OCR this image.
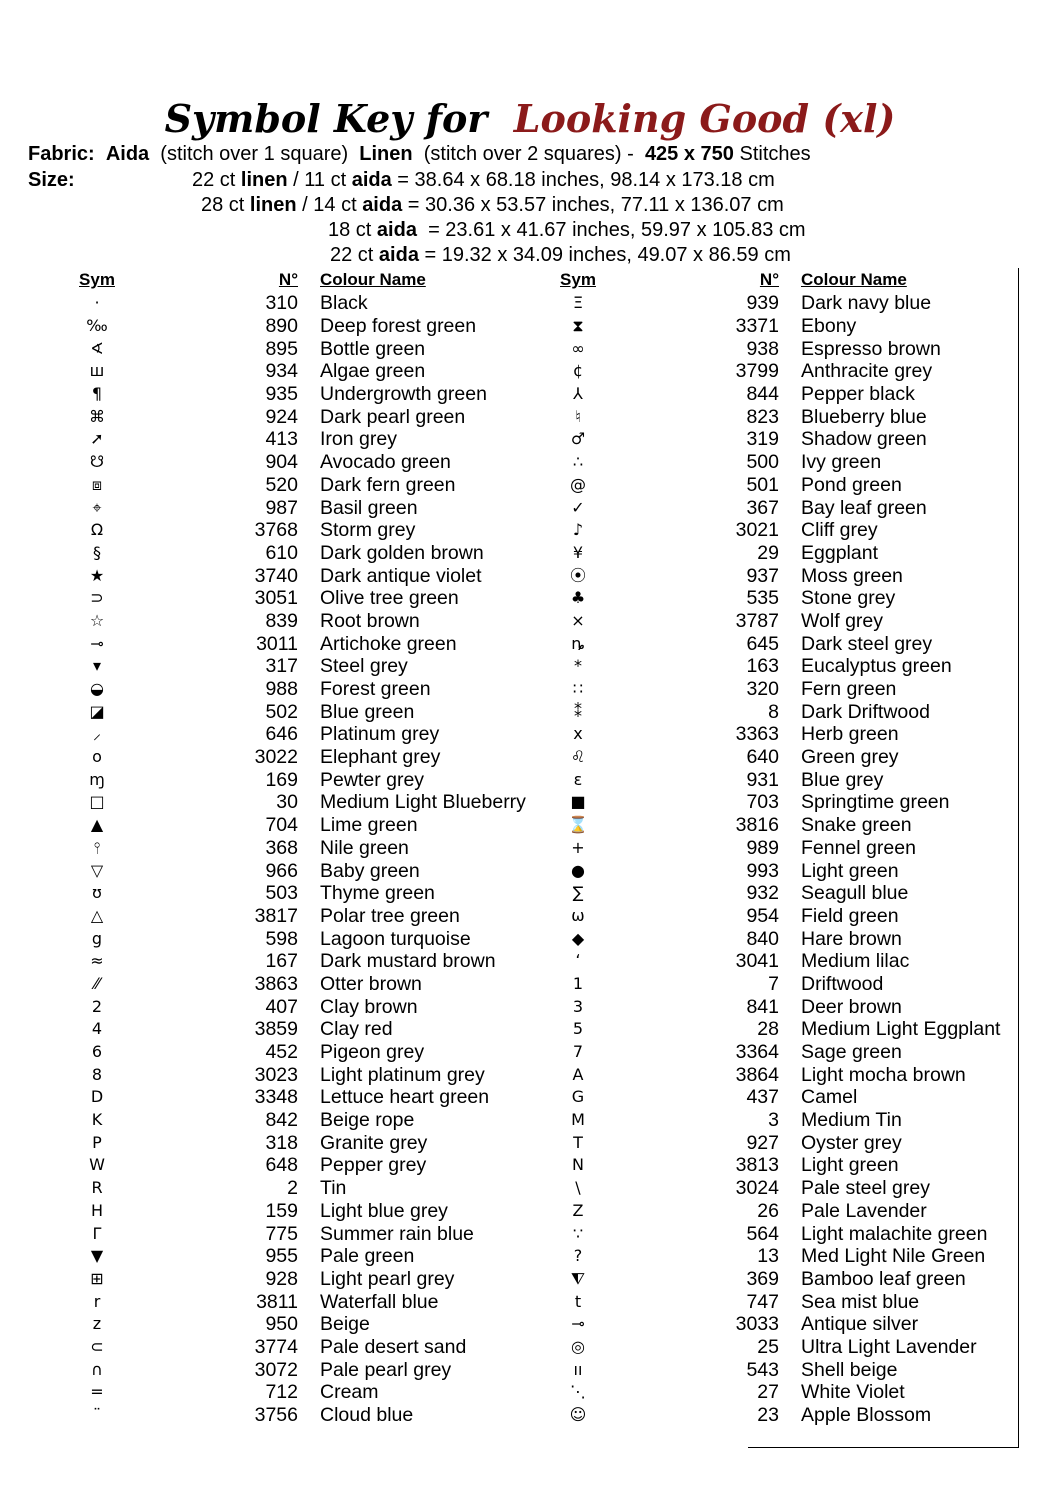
Symbol Key for Looking Good (xl)
Fabric: Aida (stitch over 1 square) Linen (stitch over 2 squares) - 425 x 750 Stitches
Size:	22 ct linen / 11 ct aida = 38.64 x 68.18 inches, 98.14 x 173.18 cm
28 ct linen / 14 ct aida = 30.36 x 53.57 inches, 77.11 x 136.07 cm
18 ct aida  = 23.61 x 41.67 inches, 59.97 x 105.83 cm
22 ct aida = 19.32 x 34.09 inches, 49.07 x 86.59 cm
Sym	N°	Colour Name
·	310	Black
‰	890	Deep forest green
∢	895	Bottle green
ш	934	Algae green
¶	935	Undergrowth green
⌘	924	Dark pearl green
➚	413	Iron grey
☋	904	Avocado green
⧈	520	Dark fern green
⌖	987	Basil green
Ω	3768	Storm grey
§	610	Dark golden brown
★	3740	Dark antique violet
⊃	3051	Olive tree green
☆	839	Root brown
⊸	3011	Artichoke green
▾	317	Steel grey
◒	988	Forest green
◪	502	Blue green
⸝	646	Platinum grey
o	3022	Elephant grey
ɱ	169	Pewter grey
□	30	Medium Light Blueberry
▲	704	Lime green
⫯	368	Nile green
▽	966	Baby green
ʊ	503	Thyme green
△	3817	Polar tree green
g	598	Lagoon turquoise
≈	167	Dark mustard brown
⁄⁄	3863	Otter brown
2	407	Clay brown
4	3859	Clay red
6	452	Pigeon grey
8	3023	Light platinum grey
D	3348	Lettuce heart green
K	842	Beige rope
P	318	Granite grey
W	648	Pepper grey
R	2	Tin
H	159	Light blue grey
Γ	775	Summer rain blue
▼	955	Pale green
⊞	928	Light pearl grey
r	3811	Waterfall blue
z	950	Beige
⊂	3774	Pale desert sand
∩	3072	Pale pearl grey
=	712	Cream
¨	3756	Cloud blue
Sym	N°	Colour Name
Ξ	939	Dark navy blue
⧗	3371	Ebony
∞	938	Espresso brown
¢	3799	Anthracite grey
⅄	844	Pepper black
♮	823	Blueberry blue
♂	319	Shadow green
∴	500	Ivy green
@	501	Pond green
✓	367	Bay leaf green
♪	3021	Cliff grey
¥	29	Eggplant
⦿	937	Moss green
♣	535	Stone grey
×	3787	Wolf grey
ȵ	645	Dark steel grey
*	163	Eucalyptus green
∷	320	Fern green
⁑	8	Dark Driftwood
x	3363	Herb green
♌	640	Green grey
ε	931	Blue grey
■	703	Springtime green
⌛	3816	Snake green
+	989	Fennel green
●	993	Light green
∑	932	Seagull blue
ω	954	Field green
◆	840	Hare brown
ʻ	3041	Medium lilac
1	7	Driftwood
3	841	Deer brown
5	28	Medium Light Eggplant
7	3364	Sage green
A	3864	Light mocha brown
G	437	Camel
M	3	Medium Tin
T	927	Oyster grey
N	3813	Light green
\	3024	Pale steel grey
Z	26	Pale Lavender
∵	564	Light malachite green
?	13	Med Light Nile Green
⧨	369	Bamboo leaf green
t	747	Sea mist blue
⊸	3033	Antique silver
◎	25	Ultra Light Lavender
ıı	543	Shell beige
⋱	27	White Violet
☺	23	Apple Blossom
